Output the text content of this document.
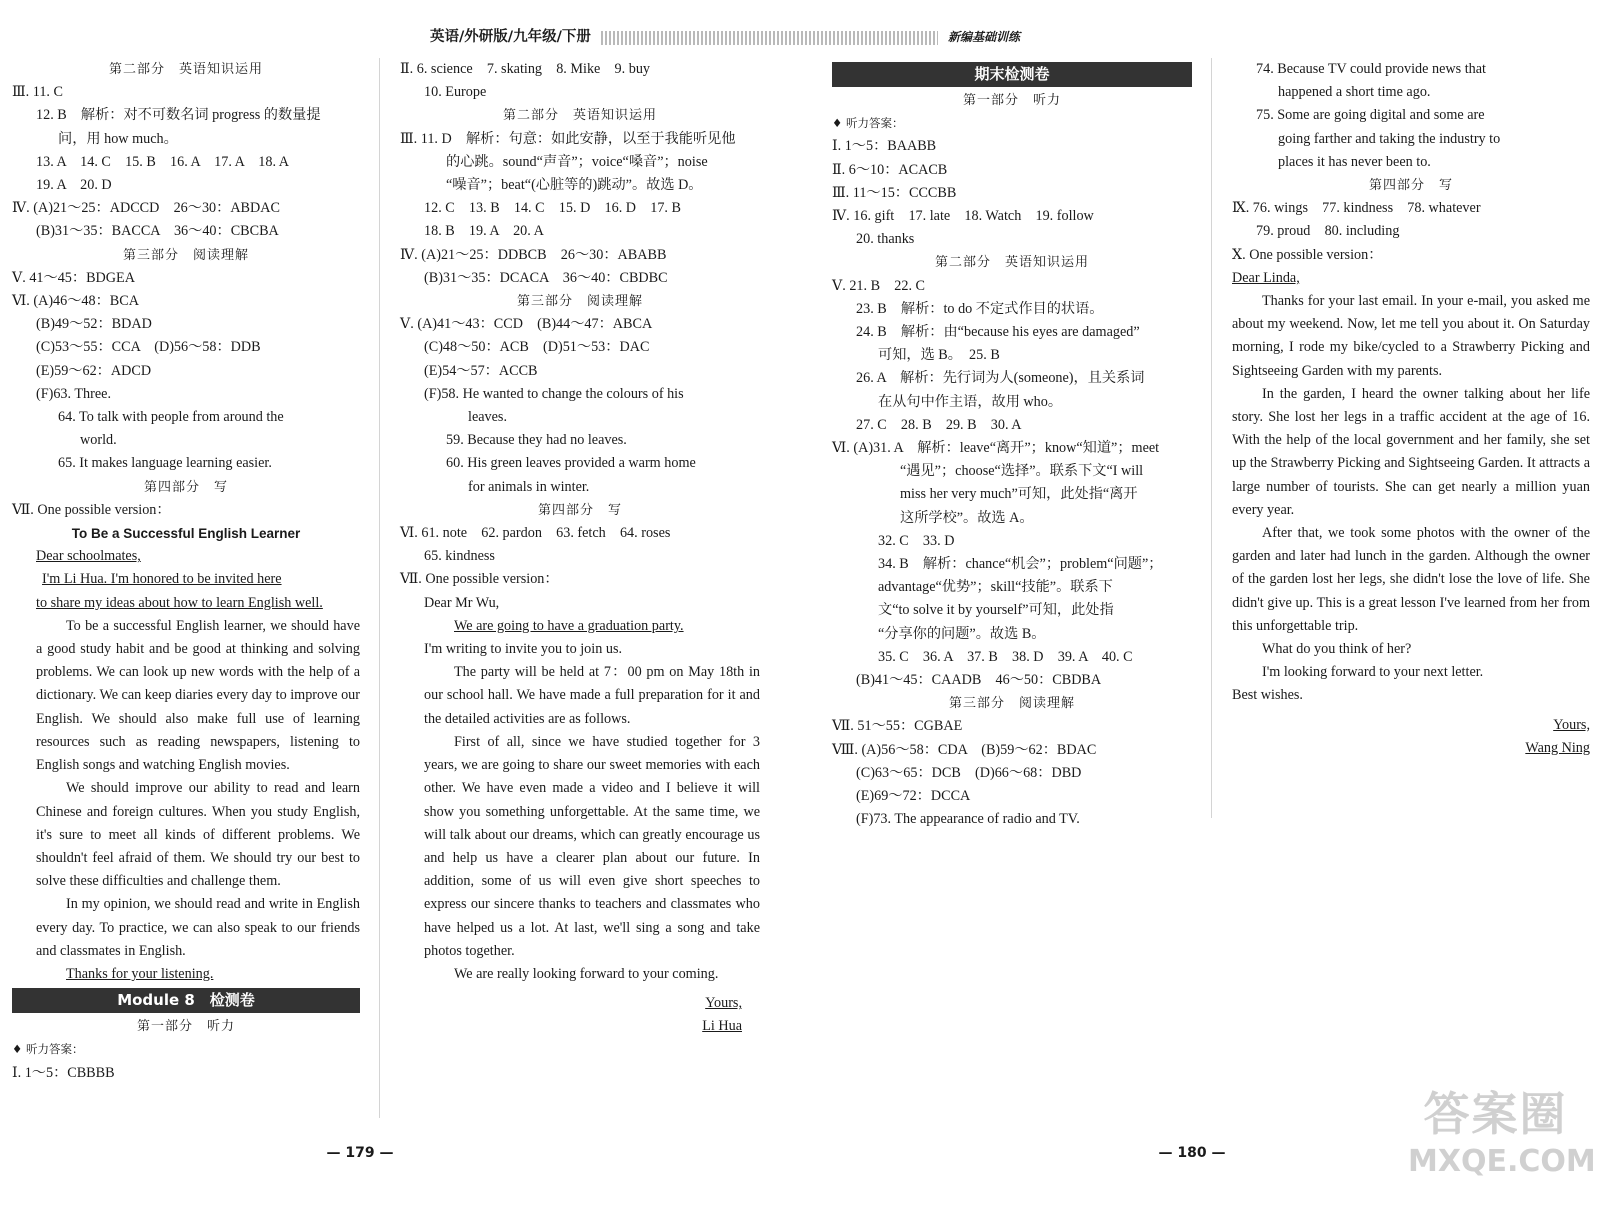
英语/外研版/九年级/下册	新编基础训练
第二部分　英语知识运用
Ⅲ. 11. C
12. B　解析：对不可数名词 progress 的数量提
问，用 how much。
13. A　14. C　15. B　16. A　17. A　18. A
19. A　20. D
Ⅳ. (A)21～25：ADCCD　26～30：ABDAC
(B)31～35：BACCA　36～40：CBCBA
第三部分　阅读理解
Ⅴ. 41～45：BDGEA
Ⅵ. (A)46～48：BCA
(B)49～52：BDAD
(C)53～55：CCA　(D)56～58：DDB
(E)59～62：ADCD
(F)63. Three.
64. To talk with people from around the
world.
65. It makes language learning easier.
第四部分　写
Ⅶ. One possible version：
To Be a Successful English Learner
Dear schoolmates,
I'm Li Hua. I'm honored to be invited here
to share my ideas about how to learn English well.
To be a successful English learner, we should have a good study habit and be good at thinking and solving problems. We can look up new words with the help of a dictionary. We can keep diaries every day to improve our English. We should also make full use of learning resources such as reading newspapers, listening to English songs and watching English movies.
We should improve our ability to read and learn Chinese and foreign cultures. When you study English, it's sure to meet all kinds of different problems. We shouldn't feel afraid of them. We should try our best to solve these difficulties and challenge them.
In my opinion, we should read and write in English every day. To practice, we can also speak to our friends and classmates in English.
Thanks for your listening.
Module 8　检测卷
第一部分　听力
♦ 听力答案：
Ⅰ. 1～5：CBBBB
Ⅱ. 6. science　7. skating　8. Mike　9. buy
10. Europe
第二部分　英语知识运用
Ⅲ. 11. D　解析：句意：如此安静，以至于我能听见他
的心跳。sound“声音”；voice“嗓音”；noise
“噪音”；beat“(心脏等的)跳动”。故选 D。
12. C　13. B　14. C　15. D　16. D　17. B
18. B　19. A　20. A
Ⅳ. (A)21～25：DDBCB　26～30：ABABB
(B)31～35：DCACA　36～40：CBDBC
第三部分　阅读理解
Ⅴ. (A)41～43：CCD　(B)44～47：ABCA
(C)48～50：ACB　(D)51～53：DAC
(E)54～57：ACCB
(F)58. He wanted to change the colours of his
leaves.
59. Because they had no leaves.
60. His green leaves provided a warm home
for animals in winter.
第四部分　写
Ⅵ. 61. note　62. pardon　63. fetch　64. roses
65. kindness
Ⅶ. One possible version：
Dear Mr Wu,
We are going to have a graduation party.
I'm writing to invite you to join us.
The party will be held at 7：00 pm on May 18th in our school hall. We have made a full preparation for it and the detailed activities are as follows.
First of all, since we have studied together for 3 years, we are going to share our sweet memories with each other. We have even made a video and I believe it will show you something unforgettable. At the same time, we will talk about our dreams, which can greatly encourage us and help us have a clearer plan about our future. In addition, some of us will even give short speeches to express our sincere thanks to teachers and classmates who have helped us a lot. At last, we'll sing a song and take photos together.
We are really looking forward to your coming.
Yours,
Li Hua
期末检测卷
第一部分　听力
♦ 听力答案：
Ⅰ. 1～5：BAABB
Ⅱ. 6～10：ACACB
Ⅲ. 11～15：CCCBB
Ⅳ. 16. gift　17. late　18. Watch　19. follow
20. thanks
第二部分　英语知识运用
Ⅴ. 21. B　22. C
23. B　解析：to do 不定式作目的状语。
24. B　解析：由“because his eyes are damaged”
可知，选 B。　25. B
26. A　解析：先行词为人(someone)，且关系词
在从句中作主语，故用 who。
27. C　28. B　29. B　30. A
Ⅵ. (A)31. A　解析：leave“离开”；know“知道”；meet
“遇见”；choose“选择”。联系下文“I will
miss her very much”可知，此处指“离开
这所学校”。故选 A。
32. C　33. D
34. B　解析：chance“机会”；problem“问题”；
advantage“优势”；skill“技能”。联系下
文“to solve it by yourself”可知，此处指
“分享你的问题”。故选 B。
35. C　36. A　37. B　38. D　39. A　40. C
(B)41～45：CAADB　46～50：CBDBA
第三部分　阅读理解
Ⅶ. 51～55：CGBAE
Ⅷ. (A)56～58：CDA　(B)59～62：BDAC
(C)63～65：DCB　(D)66～68：DBD
(E)69～72：DCCA
(F)73. The appearance of radio and TV.
74. Because TV could provide news that
happened a short time ago.
75. Some are going digital and some are
going farther and taking the industry to
places it has never been to.
第四部分　写
Ⅸ. 76. wings　77. kindness　78. whatever
79. proud　80. including
Ⅹ. One possible version：
Dear Linda,
Thanks for your last email. In your e-mail, you asked me about my weekend. Now, let me tell you about it. On Saturday morning, I rode my bike/cycled to a Strawberry Picking and Sightseeing Garden with my parents.
In the garden, I heard the owner talking about her life story. She lost her legs in a traffic accident at the age of 16. With the help of the local government and her family, she set up the Strawberry Picking and Sightseeing Garden. It attracts a large number of tourists. She can get nearly a million yuan every year.
After that, we took some photos with the owner of the garden and later had lunch in the garden. Although the owner of the garden lost her legs, she didn't lose the love of life. She didn't give up. This is a great lesson I've learned from her from this unforgettable trip.
What do you think of her?
I'm looking forward to your next letter.
Best wishes.
Yours,
Wang Ning
— 179 —	— 180 —
答案圈
MXQE.COM
